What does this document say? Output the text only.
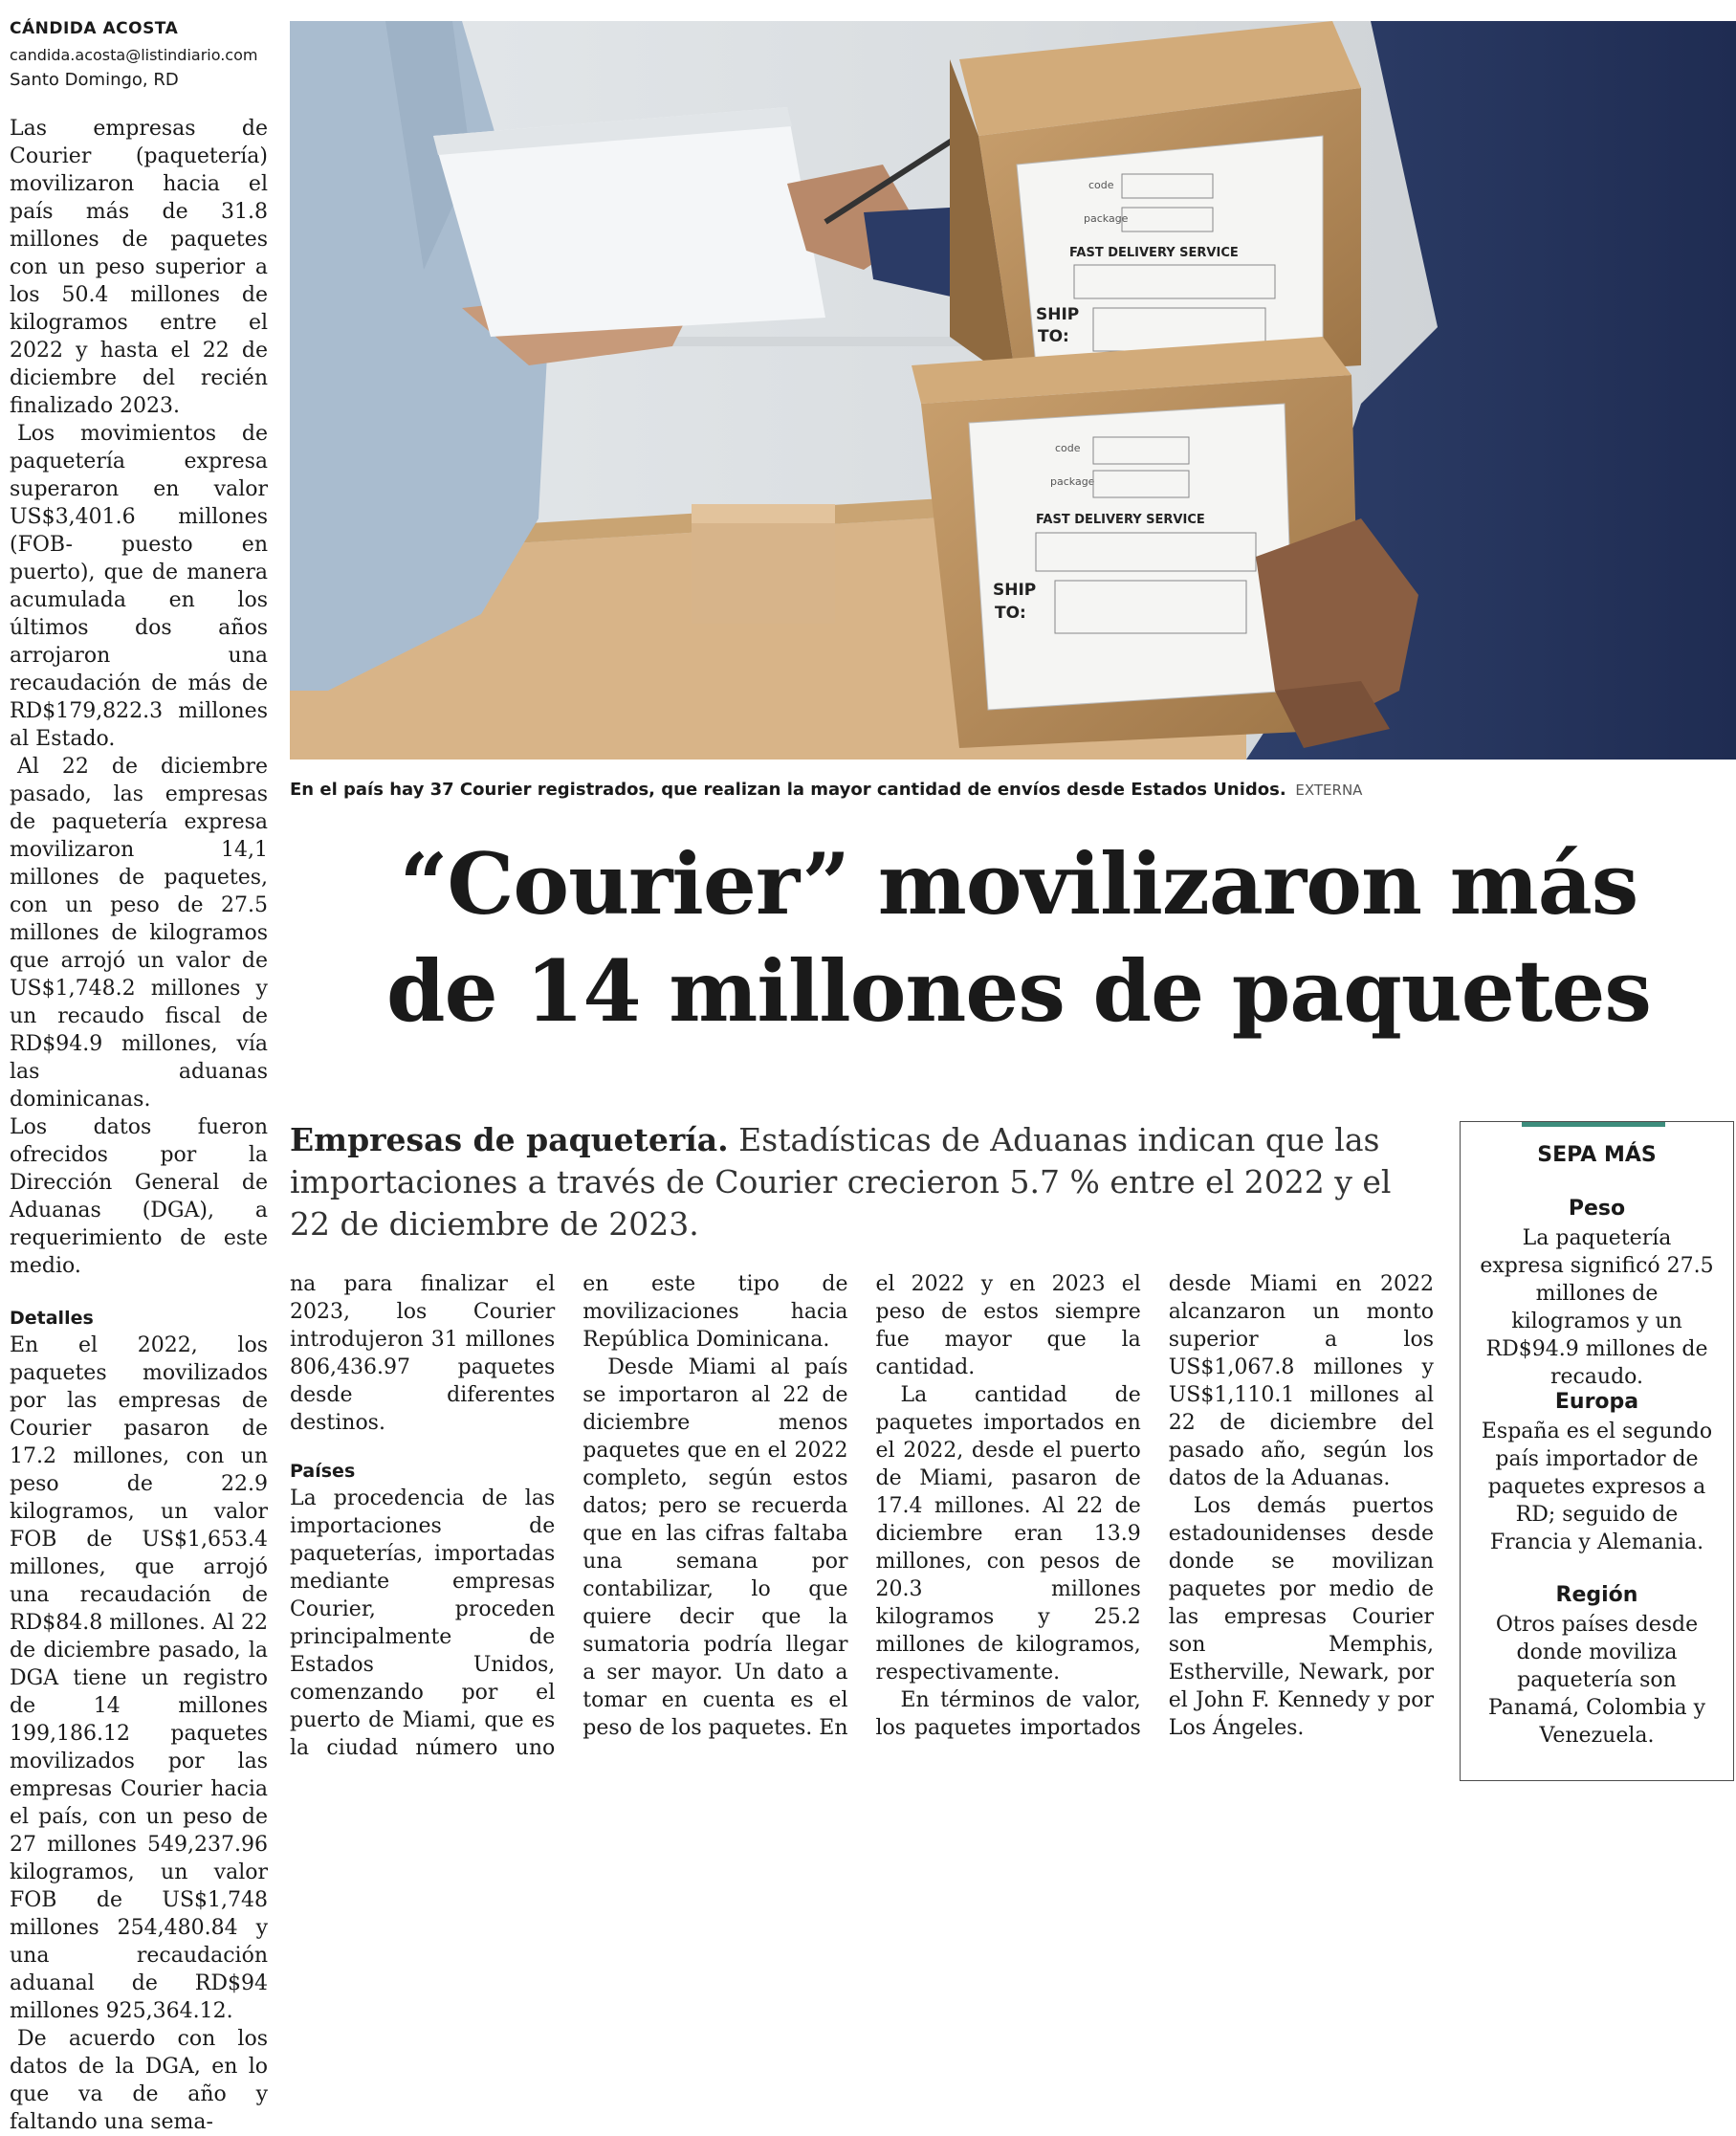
CÁNDIDA ACOSTA
candida.acosta@listindiario.com
Santo Domingo, RD

Las empresas de Courier (paquetería) movilizaron hacia el país más de 31.8 millones de paquetes con un peso superior a los 50.4 millones de kilogramos entre el 2022 y hasta el 22 de diciembre del recién finalizado 2023.

Los movimientos de paquetería expresa superaron en valor US$3,401.6 millones (FOB- puesto en puerto), que de manera acumulada en los últimos dos años arrojaron una recaudación de más de RD$179,822.3 millones al Estado.

Al 22 de diciembre pasado, las empresas de paquetería expresa movilizaron 14,1 millones de paquetes, con un peso de 27.5 millones de kilogramos que arrojó un valor de US$1,748.2 millones y un recaudo fiscal de RD$94.9 millones, vía las aduanas dominicanas.

Los datos fueron ofrecidos por la Dirección General de Aduanas (DGA), a requerimiento de este medio.

Detalles

En el 2022, los paquetes movilizados por las empresas de Courier pasaron de 17.2 millones, con un peso de 22.9 kilogramos, un valor FOB de US$1,653.4 millones, que arrojó una recaudación de RD$84.8 millones. Al 22 de diciembre pasado, la DGA tiene un registro de 14 millones 199,186.12 paquetes movilizados por las empresas Courier hacia el país, con un peso de 27 millones 549,237.96 kilogramos, un valor FOB de US$1,748 millones 254,480.84 y una recaudación aduanal de RD$94 millones 925,364.12.

De acuerdo con los datos de la DGA, en lo que va de año y faltando una sema-

code
package
FAST DELIVERY SERVICE
SHIP
TO:
code
package
FAST DELIVERY SERVICE
SHIP
TO:
En el país hay 37 Courier registrados, que realizan la mayor cantidad de envíos desde Estados Unidos. EXTERNA
“Courier” movilizaron más
de 14 millones de paquetes
Empresas de paquetería. Estadísticas de Aduanas indican que las importaciones a través de Courier crecieron 5.7 % entre el 2022 y el 22 de diciembre de 2023.

na para finalizar el 2023, los Courier introdujeron 31 millones 806,436.97 paquetes desde diferentes destinos.

Países

La procedencia de las importaciones de paqueterías, importadas mediante empresas Courier, proceden principalmente de Estados Unidos, comenzando por el puerto de Miami, que es la ciudad número uno en este tipo de movilizaciones hacia República Dominicana.

Desde Miami al país se importaron al 22 de diciembre menos paquetes que en el 2022 completo, según estos datos; pero se recuerda que en las cifras faltaba una semana por contabilizar, lo que quiere decir que la sumatoria podría llegar a ser mayor. Un dato a tomar en cuenta es el peso de los paquetes. En el 2022 y en 2023 el peso de estos siempre fue mayor que la cantidad.

La cantidad de paquetes importados en el 2022, desde el puerto de Miami, pasaron de 17.4 millones. Al 22 de diciembre eran 13.9 millones, con pesos de 20.3 millones kilogramos y 25.2 millones de kilogramos, respectivamente.

En términos de valor, los paquetes importados desde Miami en 2022 alcanzaron un monto superior a los US$1,067.8 millones y US$1,110.1 millones al 22 de diciembre del pasado año, según los datos de la Aduanas.

Los demás puertos estadounidenses desde donde se movilizan paquetes por medio de las empresas Courier son Memphis, Estherville, Newark, por el John F. Kennedy y por Los Ángeles.

SEPA MÁS
Peso
La paquetería expresa significó 27.5 millones de kilogramos y un RD$94.9 millones de recaudo.
Europa
España es el segundo país importador de paquetes expresos a RD; seguido de Francia y Alemania.
Región
Otros países desde donde moviliza paquetería son Panamá, Colombia y Venezuela.
